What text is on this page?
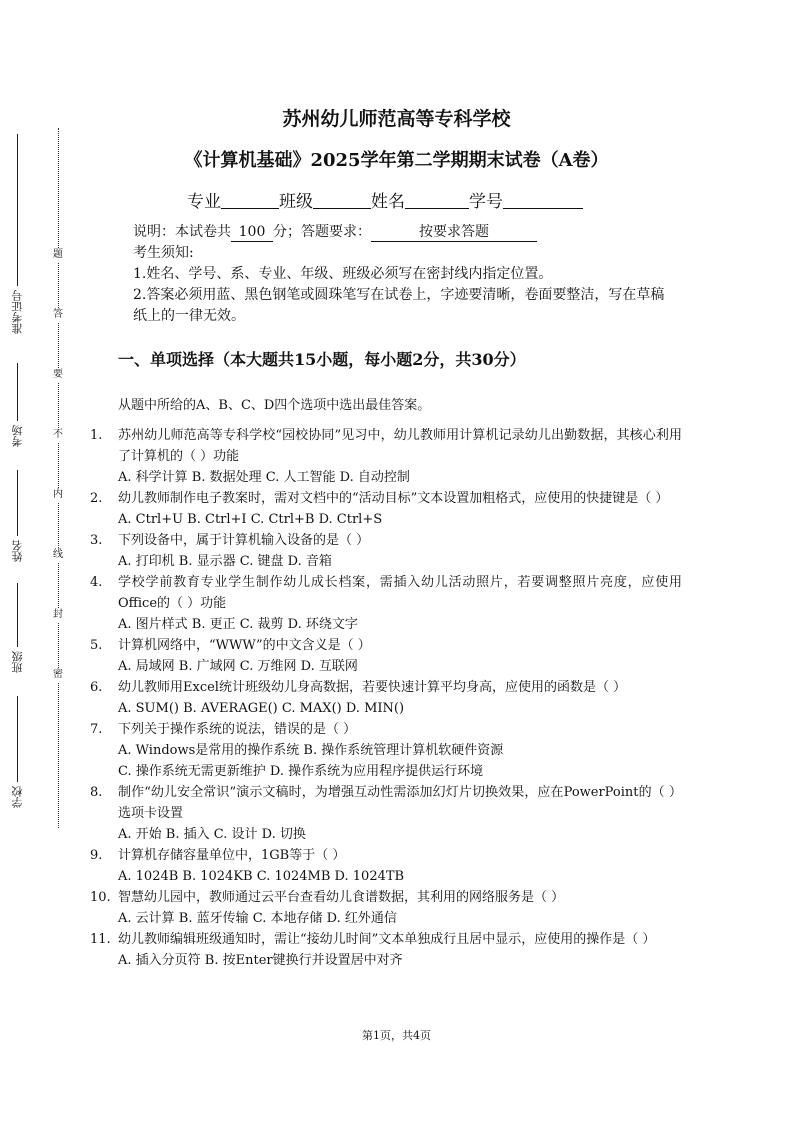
准考证号
考场
姓名
班级
学校
题
答
要
不
内
线
封
密
苏州幼儿师范高等专科学校
《计算机基础》2025学年第二学期期末试卷（A卷）
专业	班级	姓名	学号

说明：本试卷共 100 分；答题要求：	按要求答题

考生须知:

1.姓名、学号、系、专业、年级、班级必须写在密封线内指定位置。

2.答案必须用蓝、黑色钢笔或圆珠笔写在试卷上，字迹要清晰，卷面要整洁，写在草稿纸上的一律无效。

一、单项选择（本大题共15小题，每小题2分，共30分）
从题中所给的A、B、C、D四个选项中选出最佳答案。
1.	苏州幼儿师范高等专科学校“园校协同”见习中，幼儿教师用计算机记录幼儿出勤数据，其核心利用了计算机的（ ）功能

A. 科学计算 B. 数据处理 C. 人工智能 D. 自动控制

2.	幼儿教师制作电子教案时，需对文档中的“活动目标”文本设置加粗格式，应使用的快捷键是（ ）

A. Ctrl+U B. Ctrl+I C. Ctrl+B D. Ctrl+S

3.	下列设备中，属于计算机输入设备的是（ ）

A. 打印机 B. 显示器 C. 键盘 D. 音箱

4.	学校学前教育专业学生制作幼儿成长档案，需插入幼儿活动照片，若要调整照片亮度，应使用Office的（ ）功能

A. 图片样式 B. 更正 C. 裁剪 D. 环绕文字

5.	计算机网络中，“WWW”的中文含义是（ ）

A. 局域网 B. 广域网 C. 万维网 D. 互联网

6.	幼儿教师用Excel统计班级幼儿身高数据，若要快速计算平均身高，应使用的函数是（ ）

A. SUM() B. AVERAGE() C. MAX() D. MIN()

7.	下列关于操作系统的说法，错误的是（ ）

A. Windows是常用的操作系统 B. 操作系统管理计算机软硬件资源

C. 操作系统无需更新维护 D. 操作系统为应用程序提供运行环境

8.	制作“幼儿安全常识”演示文稿时，为增强互动性需添加幻灯片切换效果，应在PowerPoint的（ ）选项卡设置

A. 开始 B. 插入 C. 设计 D. 切换

9.	计算机存储容量单位中，1GB等于（ ）

A. 1024B B. 1024KB C. 1024MB D. 1024TB

10. 智慧幼儿园中，教师通过云平台查看幼儿食谱数据，其利用的网络服务是（ ）

A. 云计算 B. 蓝牙传输 C. 本地存储 D. 红外通信

11. 幼儿教师编辑班级通知时，需让“接幼儿时间”文本单独成行且居中显示，应使用的操作是（ ）

A. 插入分页符 B. 按Enter键换行并设置居中对齐

第1页，共4页
